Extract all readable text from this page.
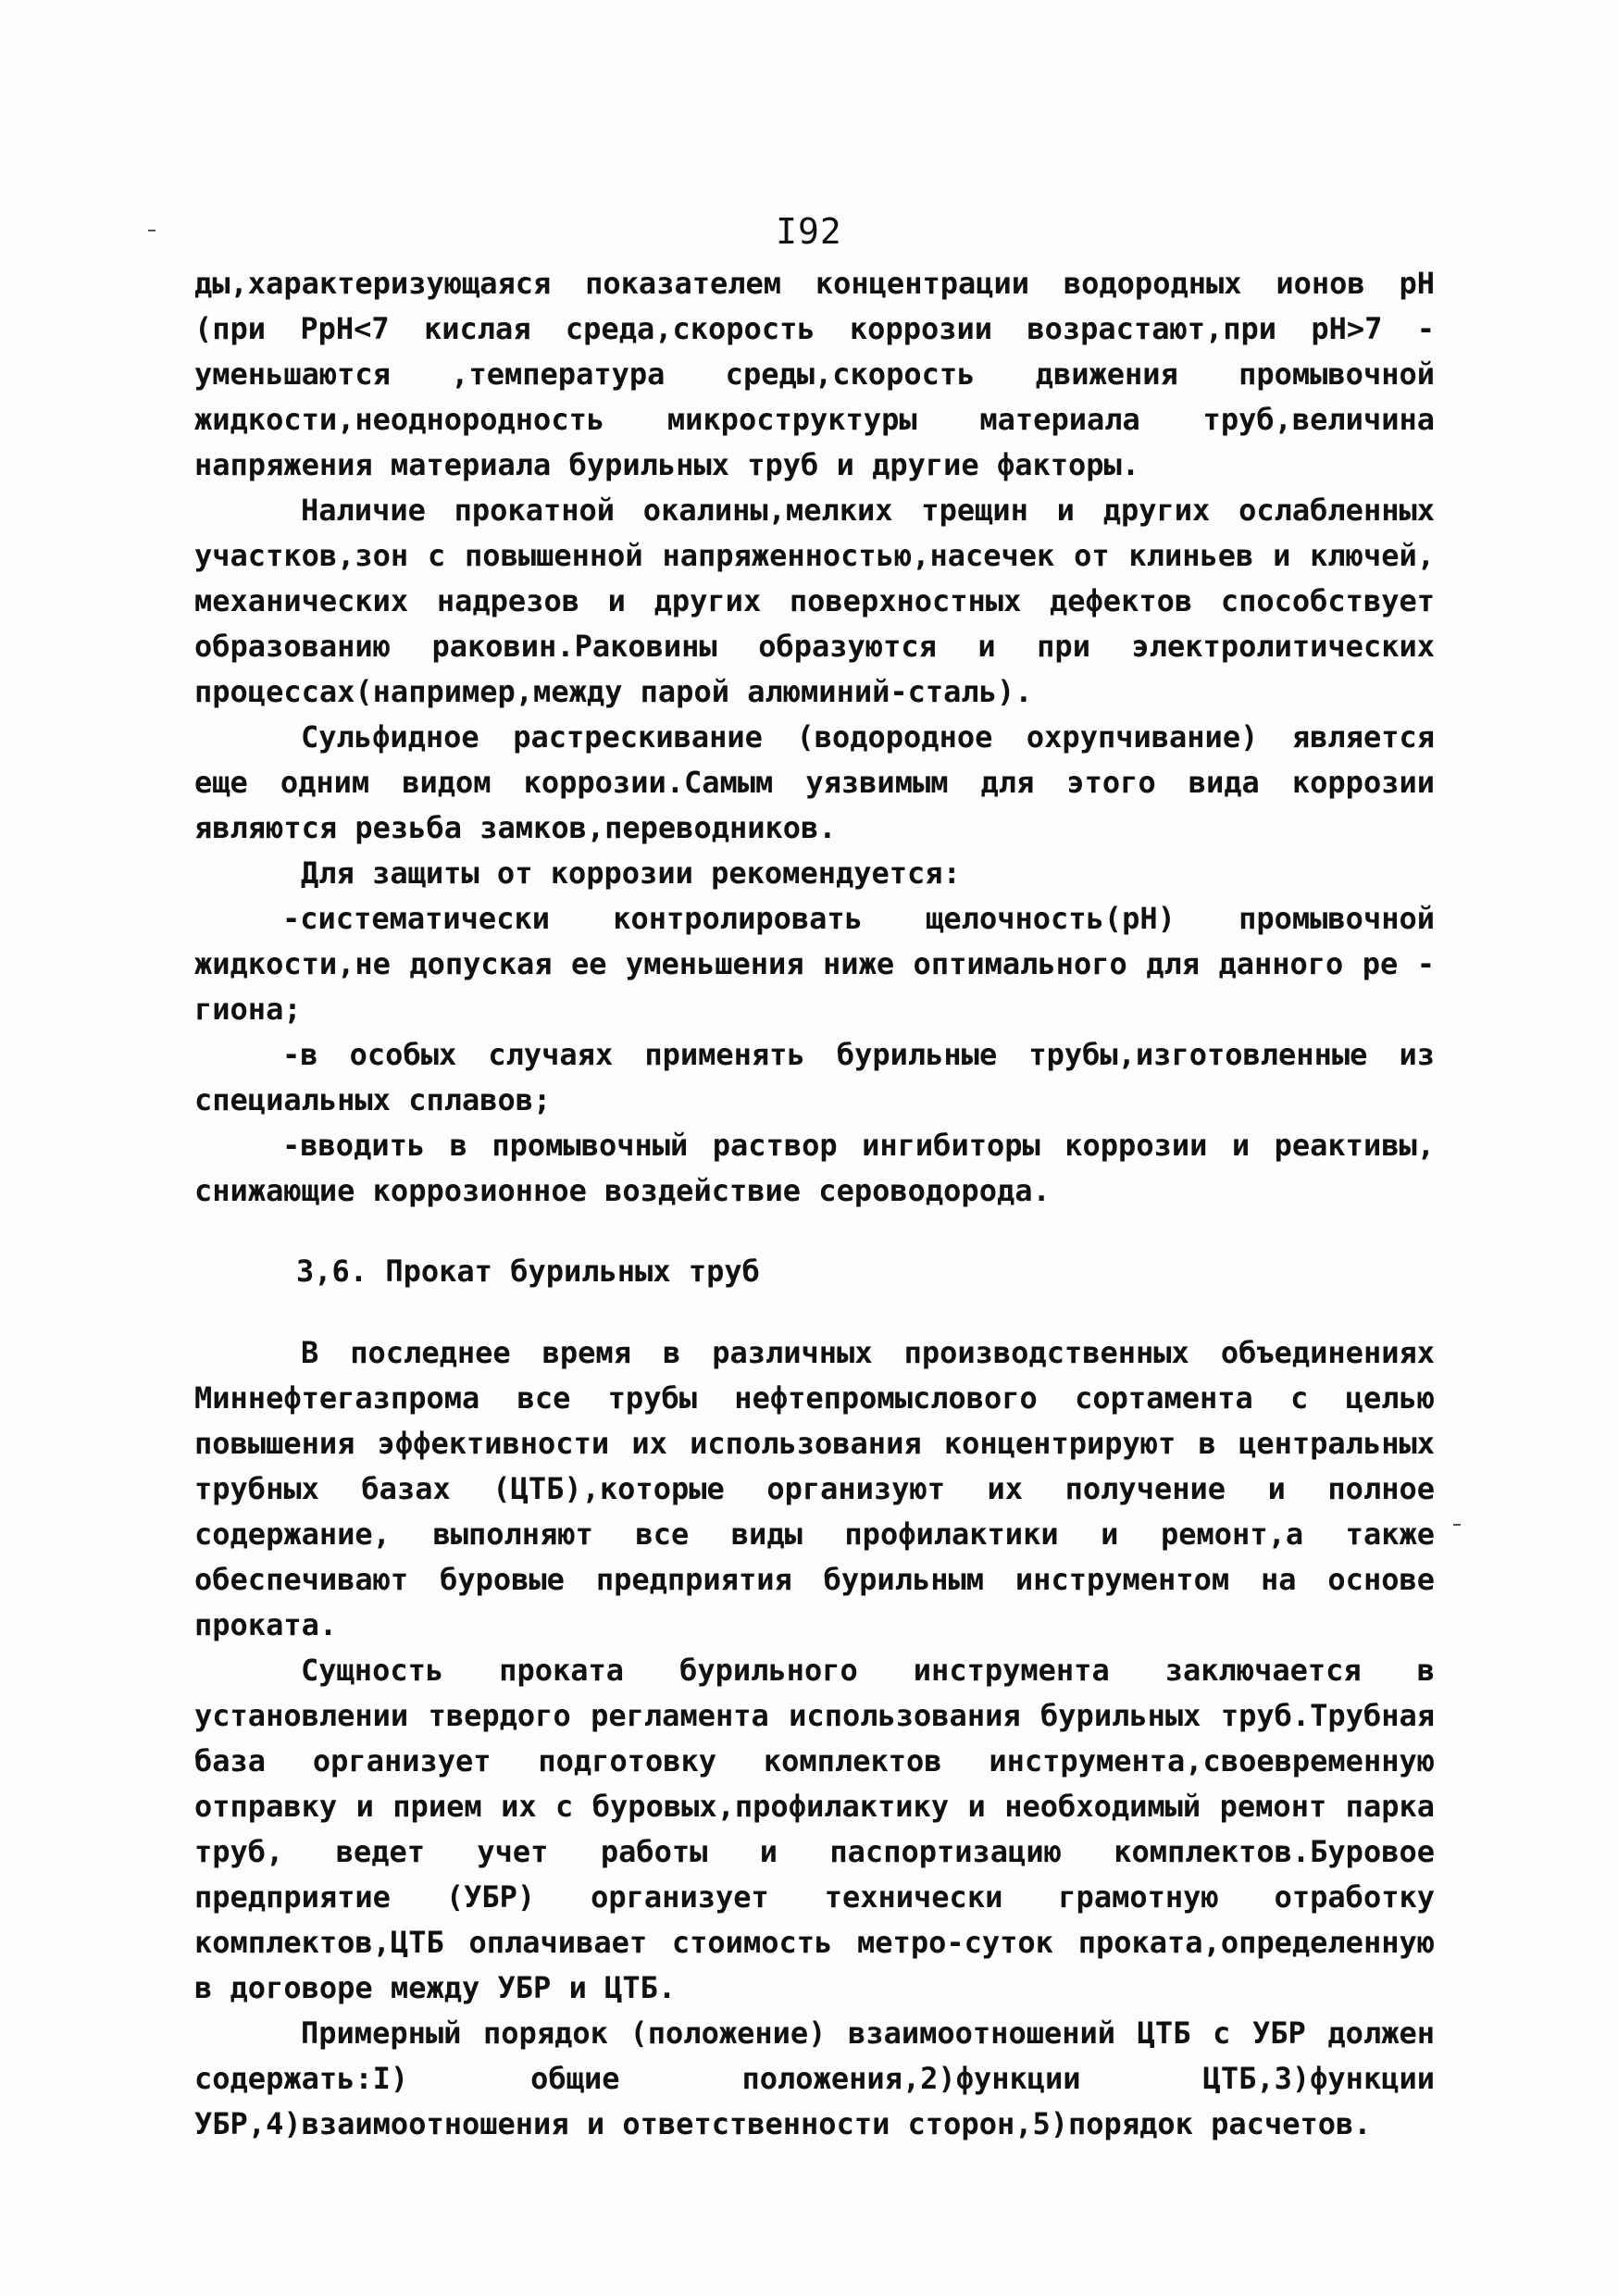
I92

ды,характеризующаяся показателем концентрации водородных ионов рН (при РрН<7 кислая среда,скорость коррозии возрастают,при рН>7 - уменьшаются ,температура среды,скорость движения промывочной жидкости,неоднородность микроструктуры материала труб,величина напряжения материала бурильных труб и другие факторы.

Наличие прокатной окалины,мелких трещин и других ослабленных участков,зон с повышенной напряженностью,насечек от клиньев и ключей, механических надрезов и других поверхностных дефектов способствует образованию раковин.Раковины образуются и при электролитических процессах(например,между парой алюминий-сталь).

Сульфидное растрескивание (водородное охрупчивание) является еще одним видом коррозии.Самым уязвимым для этого вида коррозии являются резьба замков,переводников.

Для защиты от коррозии рекомендуется:

-систематически контролировать щелочность(рН) промывочной жидкости,не допуская ее уменьшения ниже оптимального для данного ре - гиона;

-в особых случаях применять бурильные трубы,изготовленные из специальных сплавов;

-вводить в промывочный раствор ингибиторы коррозии и реактивы, снижающие коррозионное воздействие сероводорода.

3,6. Прокат бурильных труб

В последнее время в различных производственных объединениях Миннефтегазпрома все трубы нефтепромыслового сортамента с целью повышения эффективности их использования концентрируют в центральных трубных базах (ЦТБ),которые организуют их получение и полное содержание, выполняют все виды профилактики и ремонт,а также обеспечивают буровые предприятия бурильным инструментом на основе проката.

Сущность проката бурильного инструмента заключается в установлении твердого регламента использования бурильных труб.Трубная база организует подготовку комплектов инструмента,своевременную отправку и прием их с буровых,профилактику и необходимый ремонт парка труб, ведет учет работы и паспортизацию комплектов.Буровое предприятие (УБР) организует технически грамотную отработку комплектов,ЦТБ оплачивает стоимость метро-суток проката,определенную в договоре между УБР и ЦТБ.

Примерный порядок (положение) взаимоотношений ЦТБ с УБР должен содержать:I) общие положения,2)функции ЦТБ,3)функции УБР,4)взаимоотношения и ответственности сторон,5)порядок расчетов.
